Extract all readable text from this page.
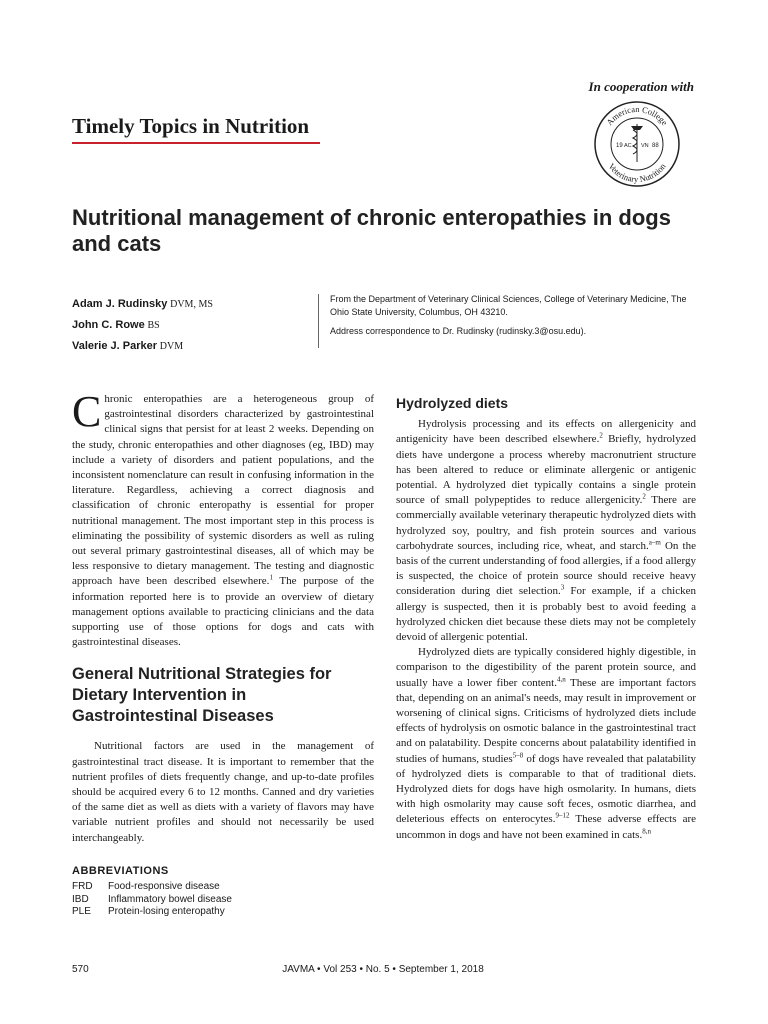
In cooperation with
Timely Topics in Nutrition	American College
Veterinary Nutrition
19	88
AC VN
Nutritional management of chronic enteropathies in dogs and cats
Adam J. Rudinsky DVM, MS
John C. Rowe BS
Valerie J. Parker DVM

From the Department of Veterinary Clinical Sciences, College of Veterinary Medicine, The Ohio State University, Columbus, OH 43210.

Address correspondence to Dr. Rudinsky (rudinsky.3@osu.edu).

Chronic enteropathies are a heterogeneous group of gastrointestinal disorders characterized by gastrointestinal clinical signs that persist for at least 2 weeks. Depending on the study, chronic enteropathies and other diagnoses (eg, IBD) may include a variety of disorders and patient populations, and the inconsistent nomenclature can result in confusing information in the literature. Regardless, achieving a correct diagnosis and classification of chronic enteropathy is essential for proper nutritional management. The most important step in this process is eliminating the possibility of systemic disorders as well as ruling out several primary gastrointestinal diseases, all of which may be less responsive to dietary management. The testing and diagnostic approach have been described elsewhere.$^1$ The purpose of the information reported here is to provide an overview of dietary management options available to practicing clinicians and the data supporting use of those options for dogs and cats with gastrointestinal diseases.

General Nutritional Strategies for Dietary Intervention in Gastrointestinal Diseases

Nutritional factors are used in the management of gastrointestinal tract disease. It is important to remember that the nutrient profiles of diets frequently change, and up-to-date profiles should be acquired every 6 to 12 months. Canned and dry varieties of the same diet as well as diets with a variety of flavors may have variable nutrient profiles and should not necessarily be used interchangeably.

ABBREVIATIONS
FRD	Food-responsive disease
IBD	Inflammatory bowel disease
PLE	Protein-losing enteropathy
Hydrolyzed diets

Hydrolysis processing and its effects on allergenicity and antigenicity have been described elsewhere.$^2$ Briefly, hydrolyzed diets have undergone a process whereby macronutrient structure has been altered to reduce or eliminate allergenic or antigenic potential. A hydrolyzed diet typically contains a single protein source of small polypeptides to reduce allergenicity.$^2$ There are commercially available veterinary therapeutic hydrolyzed diets with hydrolyzed soy, poultry, and fish protein sources and various carbohydrate sources, including rice, wheat, and starch.$^{a-m}$ On the basis of the current understanding of food allergies, if a food allergy is suspected, the choice of protein source should receive heavy consideration during diet selection.$^3$ For example, if a chicken allergy is suspected, then it is probably best to avoid feeding a hydrolyzed chicken diet because these diets may not be completely devoid of allergenic potential.

Hydrolyzed diets are typically considered highly digestible, in comparison to the digestibility of the parent protein source, and usually have a lower fiber content.$^{4,n}$ These are important factors that, depending on an animal's needs, may result in improvement or worsening of clinical signs. Criticisms of hydrolyzed diets include effects of hydrolysis on osmotic balance in the gastrointestinal tract and on palatability. Despite concerns about palatability identified in studies of humans, studies$^{5-8}$ of dogs have revealed that palatability of hydrolyzed diets is comparable to that of traditional diets. Hydrolyzed diets for dogs have high osmolarity. In humans, diets with high osmolarity may cause soft feces, osmotic diarrhea, and deleterious effects on enterocytes.$^{9-12}$ These adverse effects are uncommon in dogs and have not been examined in cats.$^{8,n}$

570	JAVMA • Vol 253 • No. 5 • September 1, 2018
